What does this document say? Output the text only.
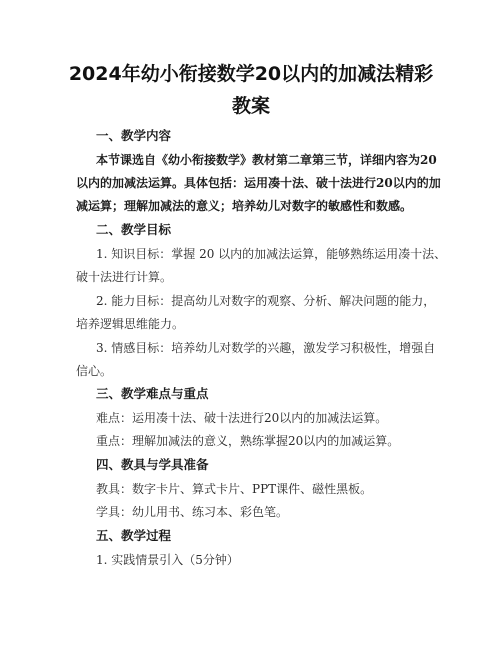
2024年幼小衔接数学20以内的加减法精彩
教案
一、教学内容
本节课选自《幼小衔接数学》教材第二章第三节，详细内容为20
以内的加减法运算。具体包括：运用凑十法、破十法进行20以内的加
减运算；理解加减法的意义；培养幼儿对数字的敏感性和数感。
二、教学目标
1. 知识目标：掌握 20 以内的加减法运算，能够熟练运用凑十法、
破十法进行计算。
2. 能力目标：提高幼儿对数字的观察、分析、解决问题的能力，
培养逻辑思维能力。
3. 情感目标：培养幼儿对数学的兴趣，激发学习积极性，增强自
信心。
三、教学难点与重点
难点：运用凑十法、破十法进行20以内的加减法运算。
重点：理解加减法的意义，熟练掌握20以内的加减运算。
四、教具与学具准备
教具：数字卡片、算式卡片、PPT课件、磁性黑板。
学具：幼儿用书、练习本、彩色笔。
五、教学过程
1. 实践情景引入（5分钟）
